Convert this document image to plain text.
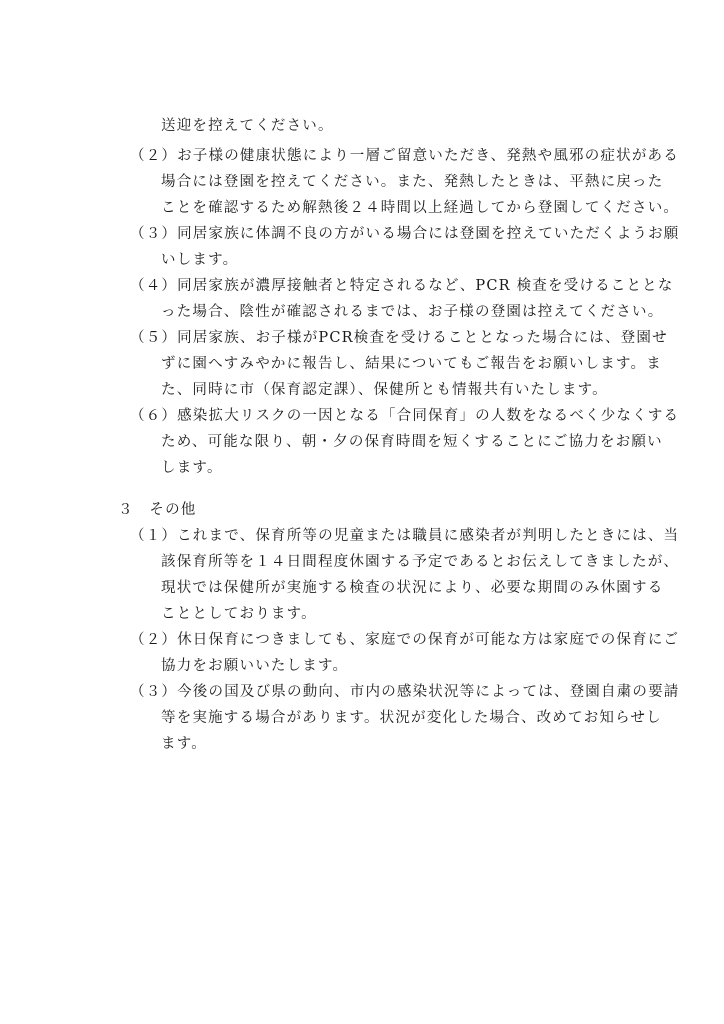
送迎を控えてください。
（２）お子様の健康状態により一層ご留意いただき、発熱や風邪の症状がある
場合には登園を控えてください。また、発熱したときは、平熱に戻った
ことを確認するため解熱後２４時間以上経過してから登園してください。
（３）同居家族に体調不良の方がいる場合には登園を控えていただくようお願
いします。
（４）同居家族が濃厚接触者と特定されるなど、PCR 検査を受けることとな
った場合、陰性が確認されるまでは、お子様の登園は控えてください。
（５）同居家族、お子様がPCR検査を受けることとなった場合には、登園せ
ずに園へすみやかに報告し、結果についてもご報告をお願いします。ま
た、同時に市（保育認定課）、保健所とも情報共有いたします。
（６）感染拡大リスクの一因となる「合同保育」の人数をなるべく少なくする
ため、可能な限り、朝・夕の保育時間を短くすることにご協力をお願い
します。
３　その他
（１）これまで、保育所等の児童または職員に感染者が判明したときには、当
該保育所等を１４日間程度休園する予定であるとお伝えしてきましたが、
現状では保健所が実施する検査の状況により、必要な期間のみ休園する
こととしております。
（２）休日保育につきましても、家庭での保育が可能な方は家庭での保育にご
協力をお願いいたします。
（３）今後の国及び県の動向、市内の感染状況等によっては、登園自粛の要請
等を実施する場合があります。状況が変化した場合、改めてお知らせし
ます。
